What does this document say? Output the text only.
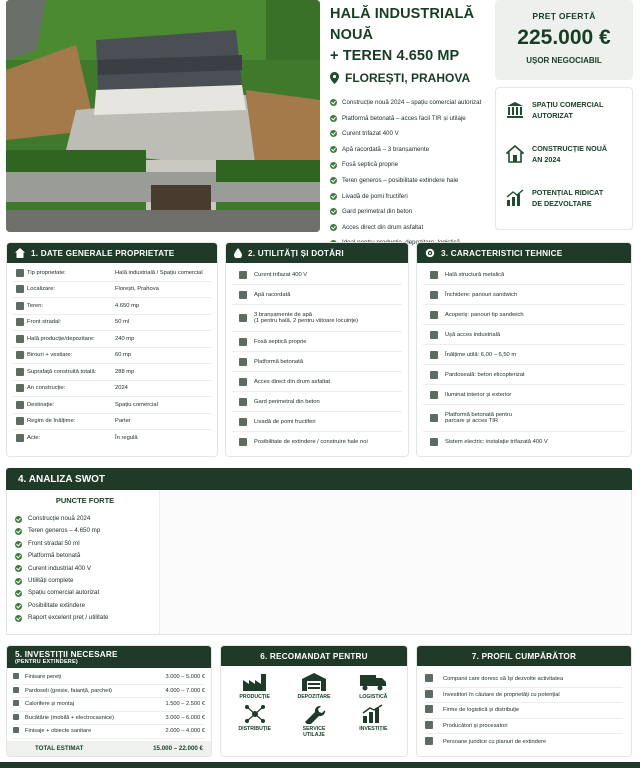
HALĂ INDUSTRIALĂ NOUĂ
+ TEREN 4.650 MP
FLOREȘTI, PRAHOVA
Construcție nouă 2024 – spațiu comercial autorizat
Platformă betonată – acces facil TIR și utilaje
Curent trifazat 400 V
Apă racordată – 3 branșamente
Fosă septică proprie
Teren generos – posibilitate extindere hale
Livadă de pomi fructiferi
Gard perimetral din beton
Acces direct din drum asfaltat
PREȚ OFERTĂ
225.000 €
UȘOR NEGOCIABIL
SPAȚIU COMERCIAL
AUTORIZAT
CONSTRUCȚIE NOUĂ
AN 2024
POTENȚIAL RIDICAT
DE DEZVOLTARE
1. DATE GENERALE PROPRIETATE
Tip proprietate:	Hală industrială / Spațiu comercial
Localizare:	Florești, Prahova
Teren:	4.650 mp
Front stradal:	50 ml
Hală producție/depozitare:	240 mp
Birouri + vestiare:	60 mp
Suprafață construită totală:	288 mp
An construcție:	2024
Destinație:	Spațiu comercial
Regim de înălțime:	Parter
Acte:	În regulă
2. UTILITĂȚI ȘI DOTĂRI
Curent trifazat 400 V
Apă racordată
3 branșamente de apă
(1 pentru hală, 2 pentru viitoare locuințe)
Fosă septică proprie
Platformă betonată
Acces direct din drum asfaltat
Gard perimetral din beton
Livadă de pomi fructiferi
Posibilitate de extindere / construire hale noi
3. CARACTERISTICI TEHNICE
Hală structură metalică
Închidere: panouri sandwich
Acoperiș: panouri tip sandwich
Ușă acces industrială
Înălțime utilă: 6,00 – 6,50 m
Pardoseală: beton elicopterizat
Iluminat interior și exterior
Platformă betonată pentru
parcare și acces TIR
Sistem electric: instalație trifazată 400 V
4. ANALIZA SWOT
PUNCTE FORTE
Construcție nouă 2024
Teren generos – 4.650 mp
Front stradal 50 ml
Platformă betonată
Curent industrial 400 V
Utilități complete
Spațiu comercial autorizat
Posibilitate extindere
Raport excelent preț / utilitate
5. INVESTIȚII NECESARE
(PENTRU EXTINDERE)
Finisare pereți	3.000 – 5.000 €
Pardoseli (gresie, faianță, parchet)	4.000 – 7.000 €
Calorifere și montaj	1.500 – 2.500 €
Bucătărie (mobilă + electrocasnice)	3.000 – 6.000 €
Finisaje + obiecte sanitare	2.000 – 4.000 €
TOTAL ESTIMAT	15.000 – 22.000 €
6. RECOMANDAT PENTRU
PRODUCȚIE	DEPOZITARE	LOGISTICĂ
DISTRIBUȚIE	SERVICE
UTILAJE
INVESTIȚIE
7. PROFIL CUMPĂRĂTOR
Companii care doresc să își dezvolte activitatea
Investitori în căutare de proprietăți cu potențial
Firme de logistică și distribuție
Producători și procesatori
Persoane juridice cu planuri de extindere
